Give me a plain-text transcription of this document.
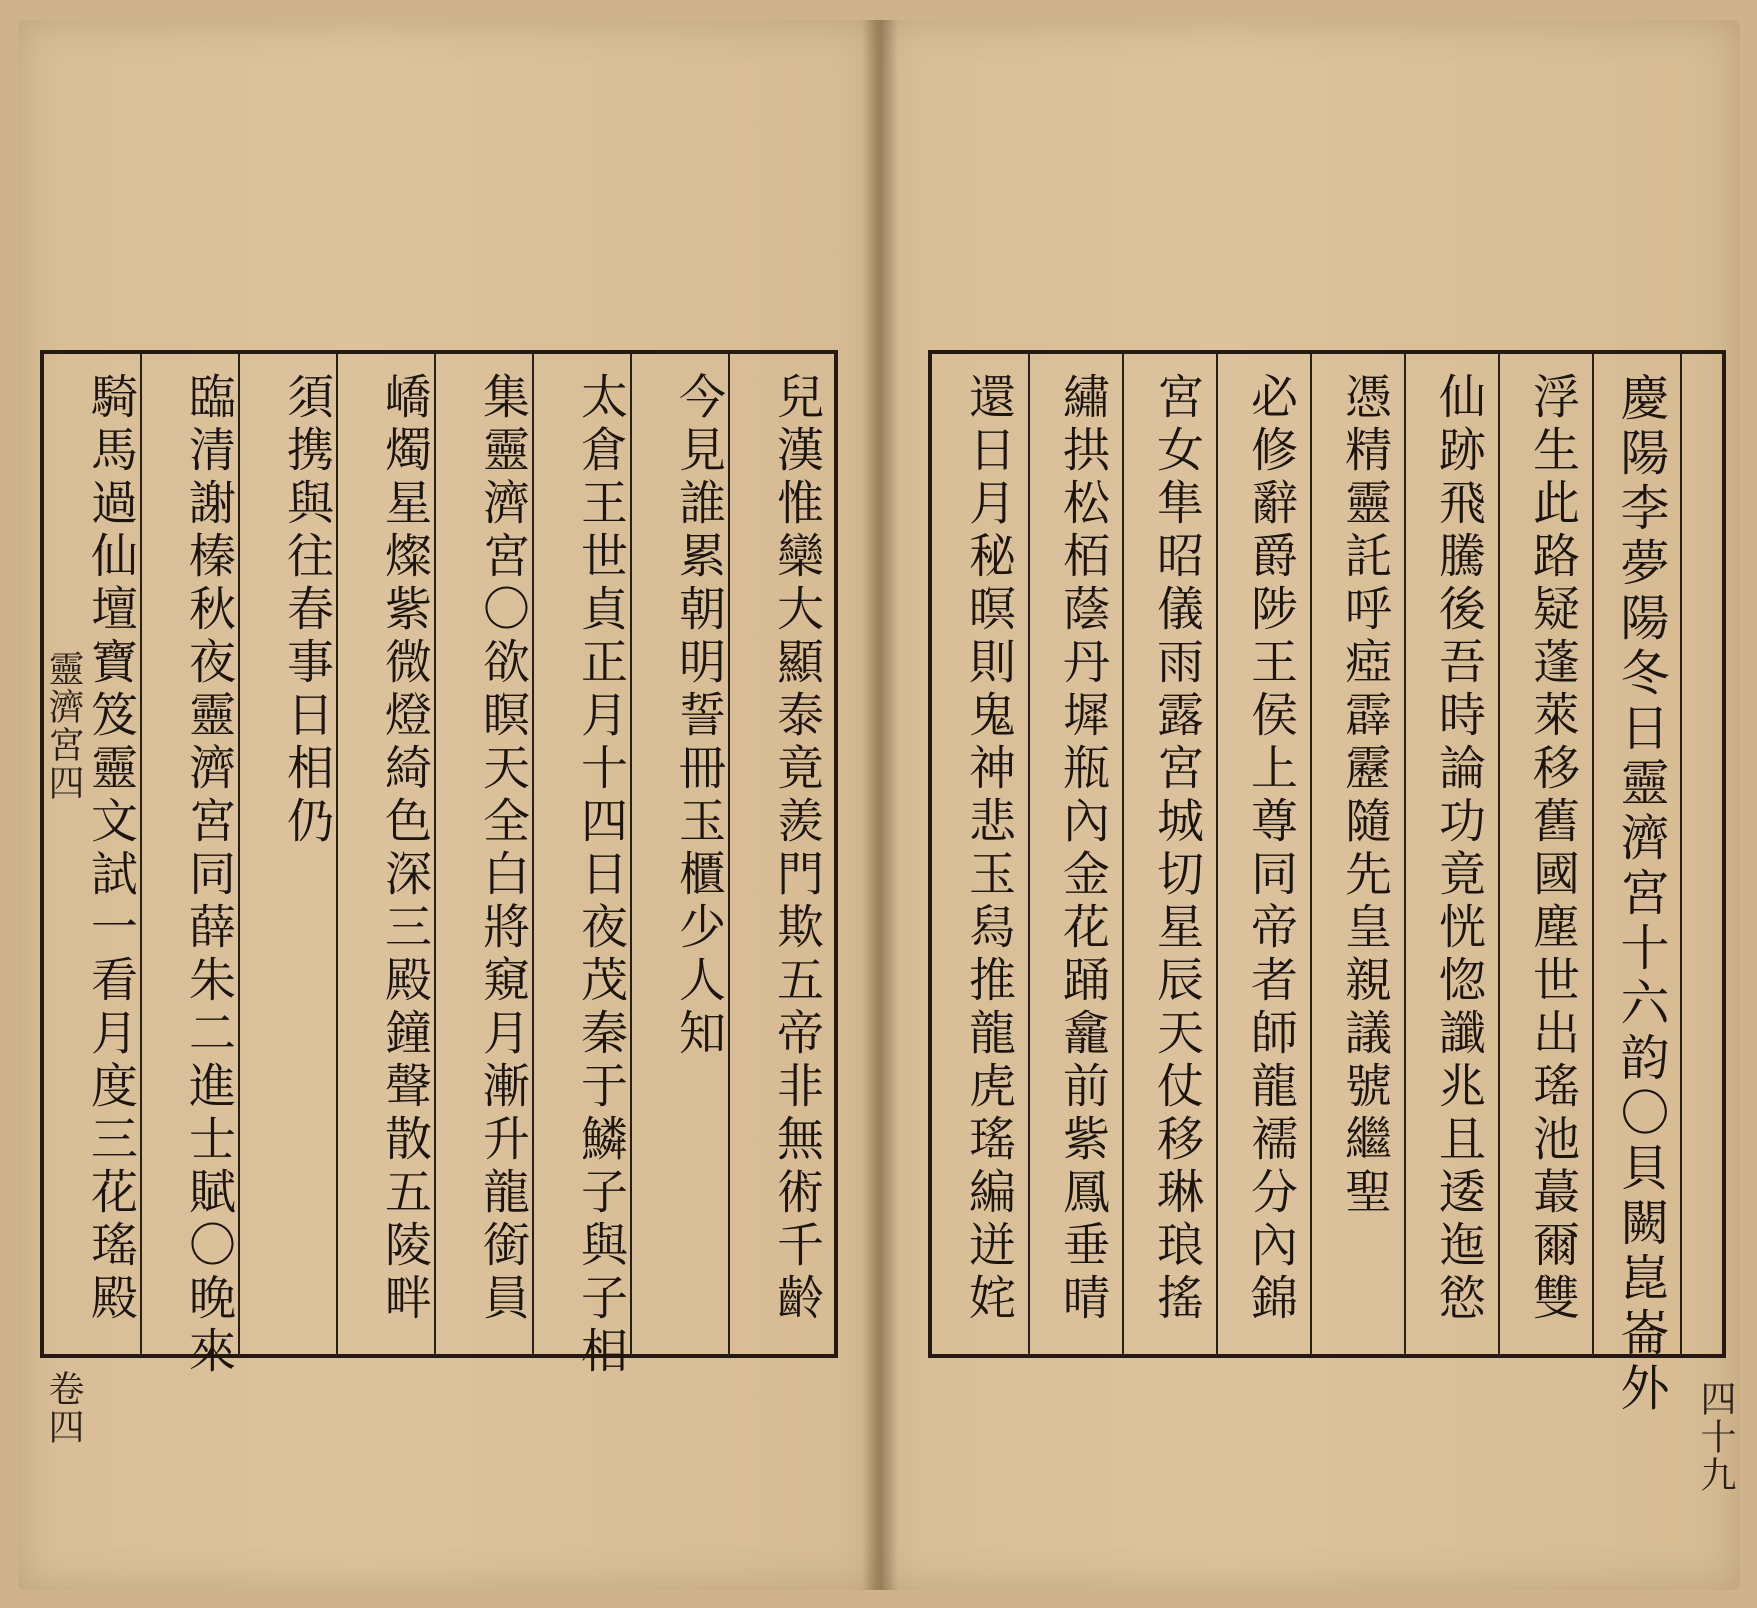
兒漢惟欒大顯泰竟羨門欺五帝非無術千齡
今見誰累朝明誓冊玉櫃少人知
太倉王世貞正月十四日夜茂秦于鱗子與子相
集靈濟宮〇欲瞑天全白將窺月漸升龍銜員
嶠燭星燦紫微燈綺色深三殿鐘聲散五陵畔
須携與往春事日相仍
臨清謝榛秋夜靈濟宮同薛朱二進士賦〇晚來
騎馬過仙壇寶笈靈文試一看月度三花瑤殿
靈濟宮四
卷四	慶陽李夢陽冬日靈濟宮十六韵〇貝闕崑崙外
浮生此路疑蓬萊移舊國塵世出瑤池蕞爾雙
仙跡飛騰後吾時論功竟恍惚讖兆且逶迤慾
憑精靈託呼瘂霹靂隨先皇親議號繼聖
必修辭爵陟王侯上尊同帝者師龍襦分內錦
宮女隼昭儀雨露宮城切星辰天仗移琳琅搖
繡拱松栢蔭丹墀瓶內金花踊龕前紫鳳垂晴
還日月秘暝則鬼神悲玉舄推龍虎瑤編迸姹
四十九
